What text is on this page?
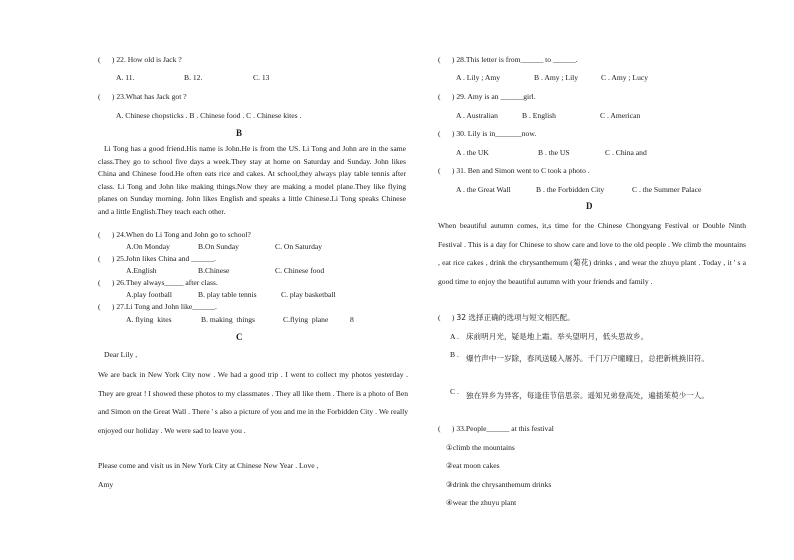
(      ) 22. How old is Jack ?
A. 11.	B. 12.	C. 13
(      ) 23.What has Jack got ?
A. Chinese chopsticks . B . Chinese food . C . Chinese kites .
B
Li Tong has a good friend.His name is John.He is from the US. Li Tong and John are in the same class.They go to school five days a week.They stay at home on Saturday and Sunday. John likes China and Chinese food.He often eats rice and cakes. At school,they always play table tennis after class. Li Tong and John like making things.Now they are making a model plane.They like flying planes on Sunday morning. John likes English and speaks a little Chinese.Li Tong speaks Chinese and a little English.They teach each other.
(      ) 24.When do Li Tong and John go to school?
A.On Monday	B.On Sunday	C. On Saturday
(      ) 25.John likes China and ______.
A.English	B.Chinese	C. Chinese food
(      ) 26.They always_____ after class.
A.play football	B. play table tennis	C. play basketball
(      ) 27.Li Tong and John like______.
A. flying  kites	B. making  things	C.flying  plane	8
C
Dear Lily ,
We are back in New York City now . We had a good trip . I went to collect my photos yesterday . They are great ! I showed these photos to my classmates . They all like them . There is a photo of Ben and Simon on the Great Wall . There ' s also a picture of you and me in the Forbidden City . We really enjoyed our holiday . We were sad to leave you .
Please come and visit us in New York City at Chinese New Year . Love ,
Amy
(      ) 28.This letter is from______ to ______.
A . Lily ; Amy	B . Amy ; Lily	C . Amy ; Lucy
(      ) 29. Amy is an ______girl.
A . Australian	B . English	C . American
(      ) 30. Lily is in_______now.
A . the UK	B . the US	C . China and
(      ) 31. Ben and Simon went to C took a photo .
A . the Great Wall	B . the Forbidden City	C . the Summer Palace
D
When beautiful autumn comes, it,s time for the Chinese Chongyang Festival or Double Ninth Festival . This is a day for Chinese to show care and love to the old people . We climb the mountains , eat rice cakes , drink the chrysanthemum (菊花) drinks , and wear the zhuyu plant . Today , it ' s a good time to enjoy the beautiful autumn with your friends and family .
(      ) 32 选择正确的选项与短文相匹配。
A . 床前明月光，疑是地上霜。举头望明月，低头思故乡。
B . 爆竹声中一岁除，春风送暖入屠苏。千门万户曈曈日，总把新桃换旧符。
C . 独在异乡为异客，每逢佳节倍思亲。遥知兄弟登高处，遍插茱萸少一人。
(      ) 33.People______ at this festival
①climb the mountains
②eat moon cakes
③drink the chrysanthemum drinks
④wear the zhuyu plant
